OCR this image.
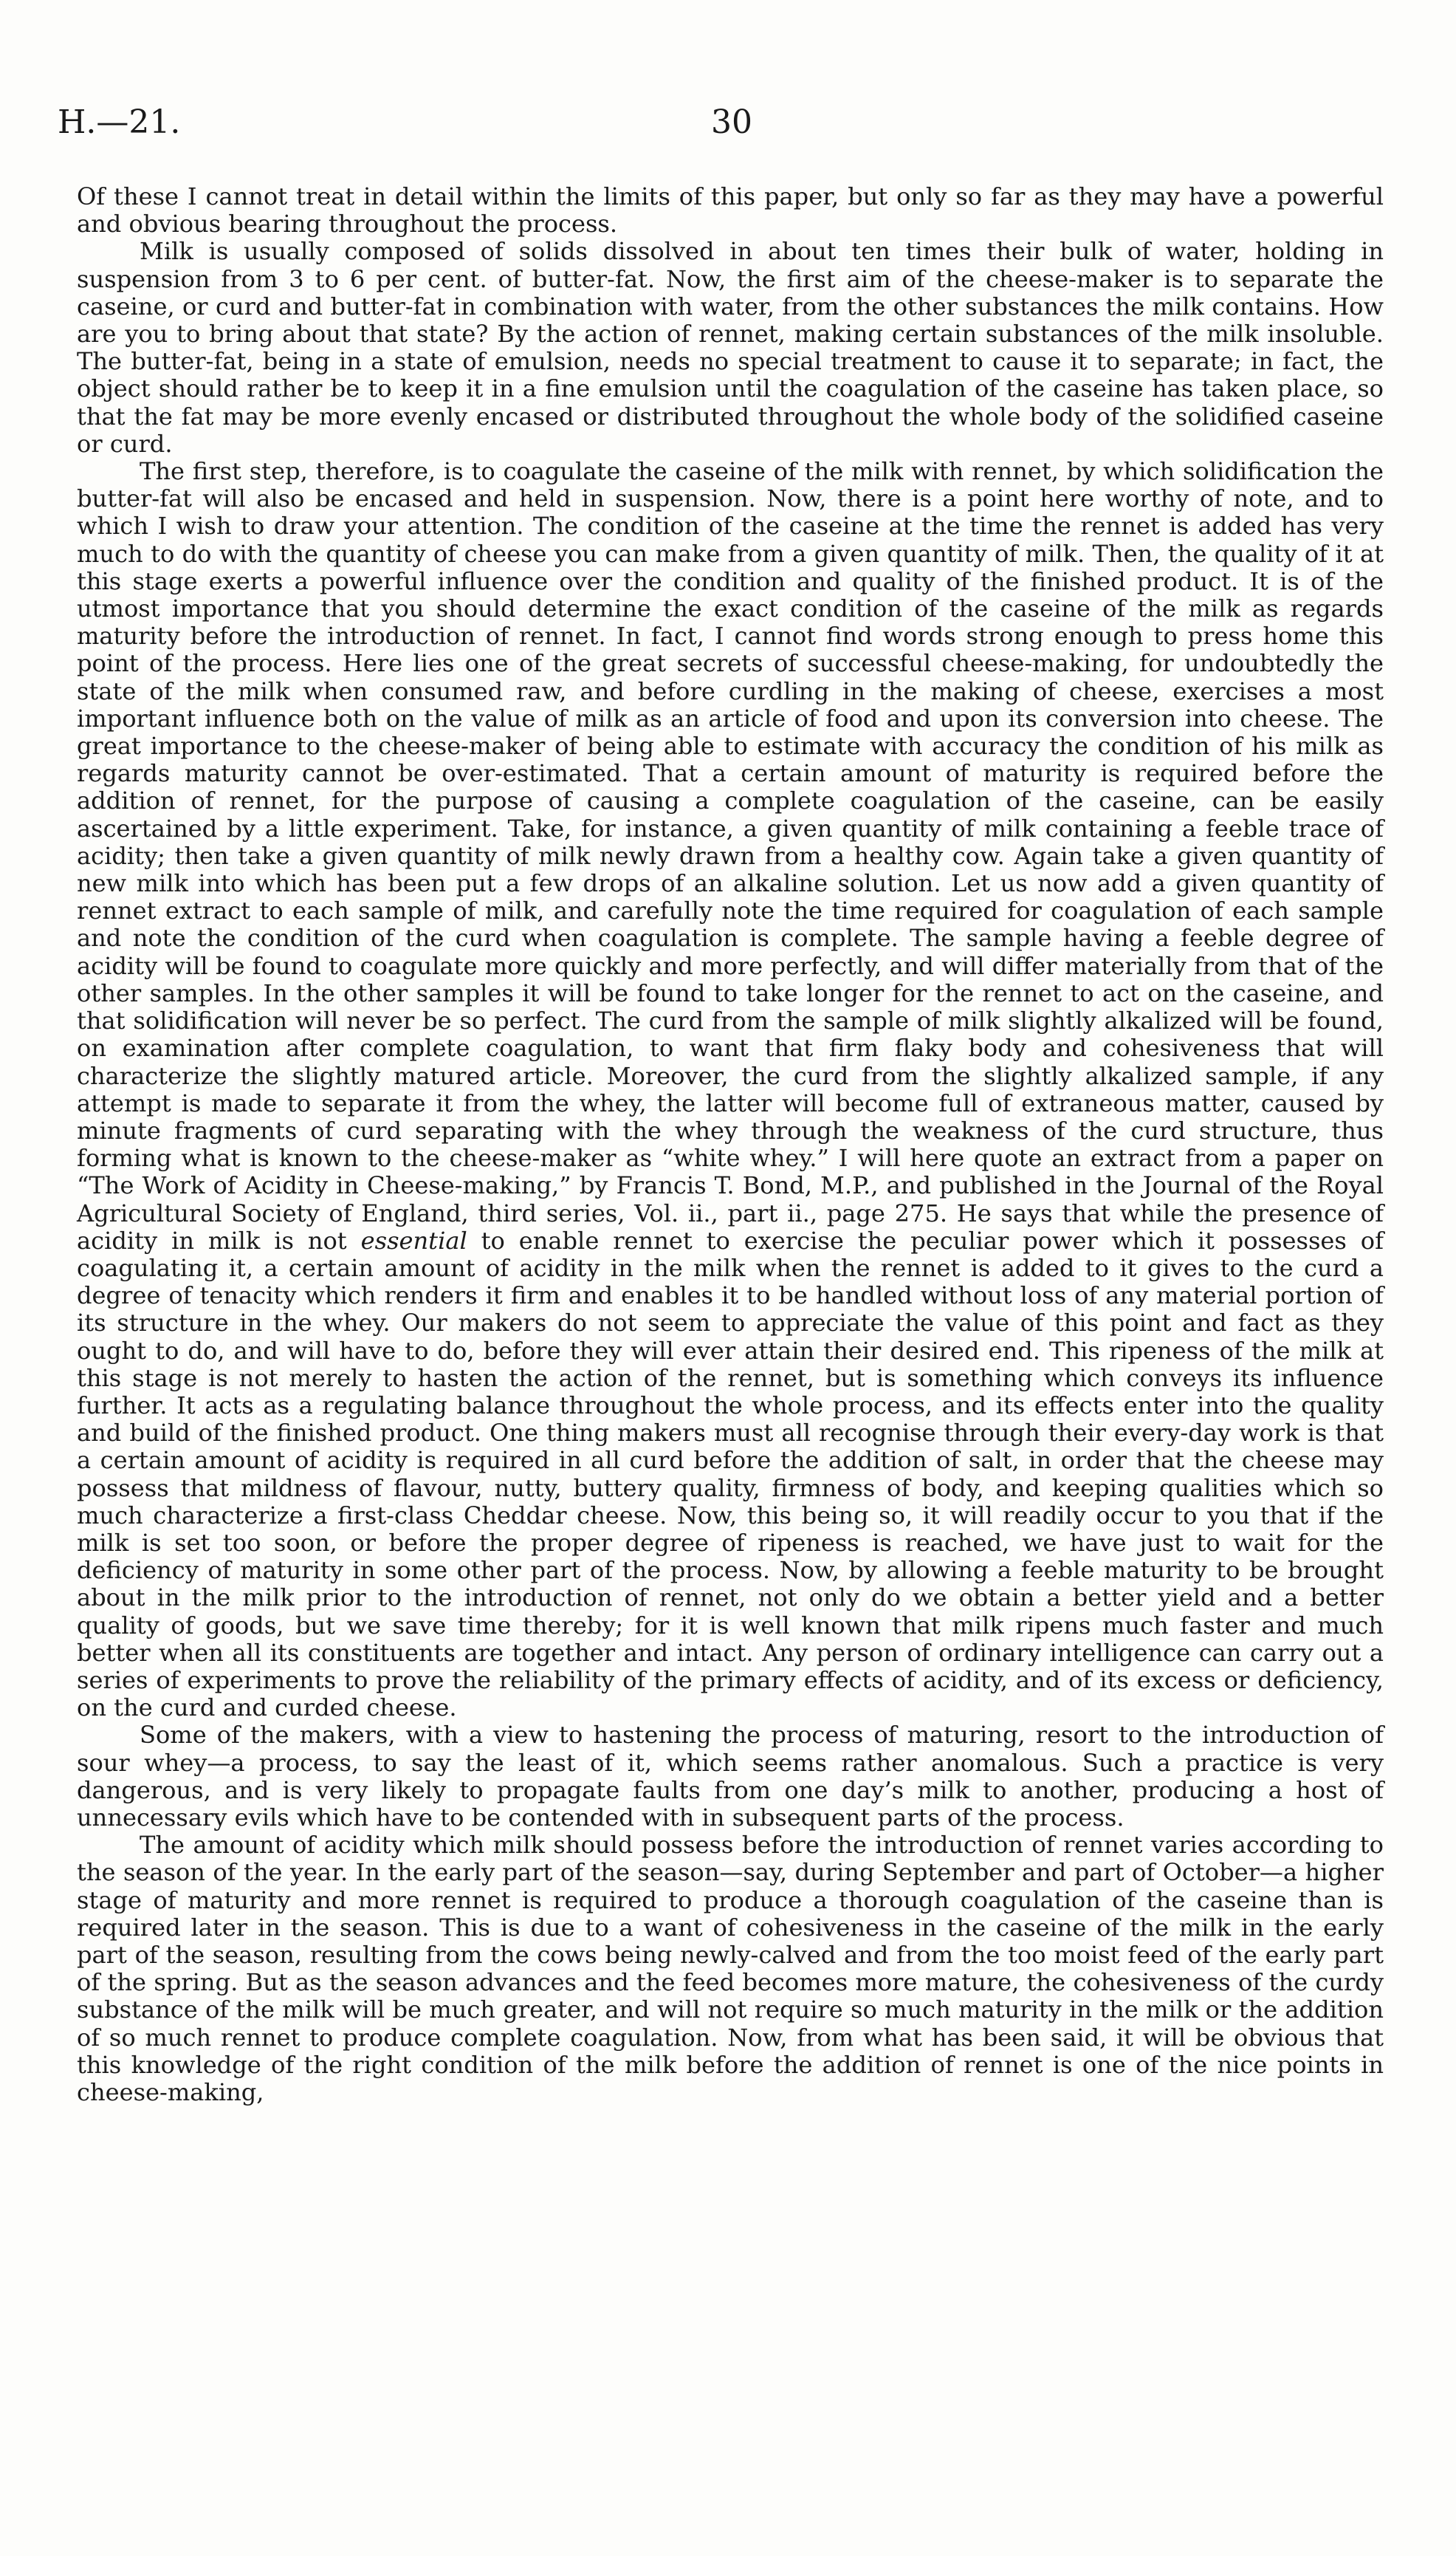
H.—21.	30

Of these I cannot treat in detail within the limits of this paper, but only so far as they may have a powerful and obvious bearing throughout the process.

Milk is usually composed of solids dissolved in about ten times their bulk of water, holding in suspension from 3 to 6 per cent. of butter-fat. Now, the first aim of the cheese-maker is to separate the caseine, or curd and butter-fat in combination with water, from the other substances the milk contains. How are you to bring about that state? By the action of rennet, making certain substances of the milk insoluble. The butter-fat, being in a state of emulsion, needs no special treatment to cause it to separate; in fact, the object should rather be to keep it in a fine emulsion until the coagulation of the caseine has taken place, so that the fat may be more evenly encased or distributed throughout the whole body of the solidified caseine or curd.

The first step, therefore, is to coagulate the caseine of the milk with rennet, by which solidification the butter-fat will also be encased and held in suspension. Now, there is a point here worthy of note, and to which I wish to draw your attention. The condition of the caseine at the time the rennet is added has very much to do with the quantity of cheese you can make from a given quantity of milk. Then, the quality of it at this stage exerts a powerful influence over the condition and quality of the finished product. It is of the utmost importance that you should determine the exact condition of the caseine of the milk as regards maturity before the introduction of rennet. In fact, I cannot find words strong enough to press home this point of the process. Here lies one of the great secrets of successful cheese-making, for undoubtedly the state of the milk when consumed raw, and before curdling in the making of cheese, exercises a most important influence both on the value of milk as an article of food and upon its conversion into cheese. The great importance to the cheese-maker of being able to estimate with accuracy the condition of his milk as regards maturity cannot be over-estimated. That a certain amount of maturity is required before the addition of rennet, for the purpose of causing a complete coagulation of the caseine, can be easily ascertained by a little experiment. Take, for instance, a given quantity of milk containing a feeble trace of acidity; then take a given quantity of milk newly drawn from a healthy cow. Again take a given quantity of new milk into which has been put a few drops of an alkaline solution. Let us now add a given quantity of rennet extract to each sample of milk, and carefully note the time required for coagulation of each sample and note the condition of the curd when coagulation is complete. The sample having a feeble degree of acidity will be found to coagulate more quickly and more perfectly, and will differ materially from that of the other samples. In the other samples it will be found to take longer for the rennet to act on the caseine, and that solidification will never be so perfect. The curd from the sample of milk slightly alkalized will be found, on examination after complete coagulation, to want that firm flaky body and cohesiveness that will characterize the slightly matured article. Moreover, the curd from the slightly alkalized sample, if any attempt is made to separate it from the whey, the latter will become full of extraneous matter, caused by minute fragments of curd separating with the whey through the weakness of the curd structure, thus forming what is known to the cheese-maker as “white whey.” I will here quote an extract from a paper on “The Work of Acidity in Cheese-making,” by Francis T. Bond, M.P., and published in the Journal of the Royal Agricultural Society of England, third series, Vol. ii., part ii., page 275. He says that while the presence of acidity in milk is not essential to enable rennet to exercise the peculiar power which it possesses of coagulating it, a certain amount of acidity in the milk when the rennet is added to it gives to the curd a degree of tenacity which renders it firm and enables it to be handled without loss of any material portion of its structure in the whey. Our makers do not seem to appreciate the value of this point and fact as they ought to do, and will have to do, before they will ever attain their desired end. This ripeness of the milk at this stage is not merely to hasten the action of the rennet, but is something which conveys its influence further. It acts as a regulating balance throughout the whole process, and its effects enter into the quality and build of the finished product. One thing makers must all recognise through their every-day work is that a certain amount of acidity is required in all curd before the addition of salt, in order that the cheese may possess that mildness of flavour, nutty, buttery quality, firmness of body, and keeping qualities which so much characterize a first-class Cheddar cheese. Now, this being so, it will readily occur to you that if the milk is set too soon, or before the proper degree of ripeness is reached, we have just to wait for the deficiency of maturity in some other part of the process. Now, by allowing a feeble maturity to be brought about in the milk prior to the introduction of rennet, not only do we obtain a better yield and a better quality of goods, but we save time thereby; for it is well known that milk ripens much faster and much better when all its constituents are together and intact. Any person of ordinary intelligence can carry out a series of experiments to prove the reliability of the primary effects of acidity, and of its excess or deficiency, on the curd and curded cheese.

Some of the makers, with a view to hastening the process of maturing, resort to the introduction of sour whey—a process, to say the least of it, which seems rather anomalous. Such a practice is very dangerous, and is very likely to propagate faults from one day’s milk to another, producing a host of unnecessary evils which have to be contended with in subsequent parts of the process.

The amount of acidity which milk should possess before the introduction of rennet varies according to the season of the year. In the early part of the season—say, during September and part of October—a higher stage of maturity and more rennet is required to produce a thorough coagulation of the caseine than is required later in the season. This is due to a want of cohesiveness in the caseine of the milk in the early part of the season, resulting from the cows being newly-calved and from the too moist feed of the early part of the spring. But as the season advances and the feed becomes more mature, the cohesiveness of the curdy substance of the milk will be much greater, and will not require so much maturity in the milk or the addition of so much rennet to produce complete coagulation. Now, from what has been said, it will be obvious that this knowledge of the right condition of the milk before the addition of rennet is one of the nice points in cheese-making,
